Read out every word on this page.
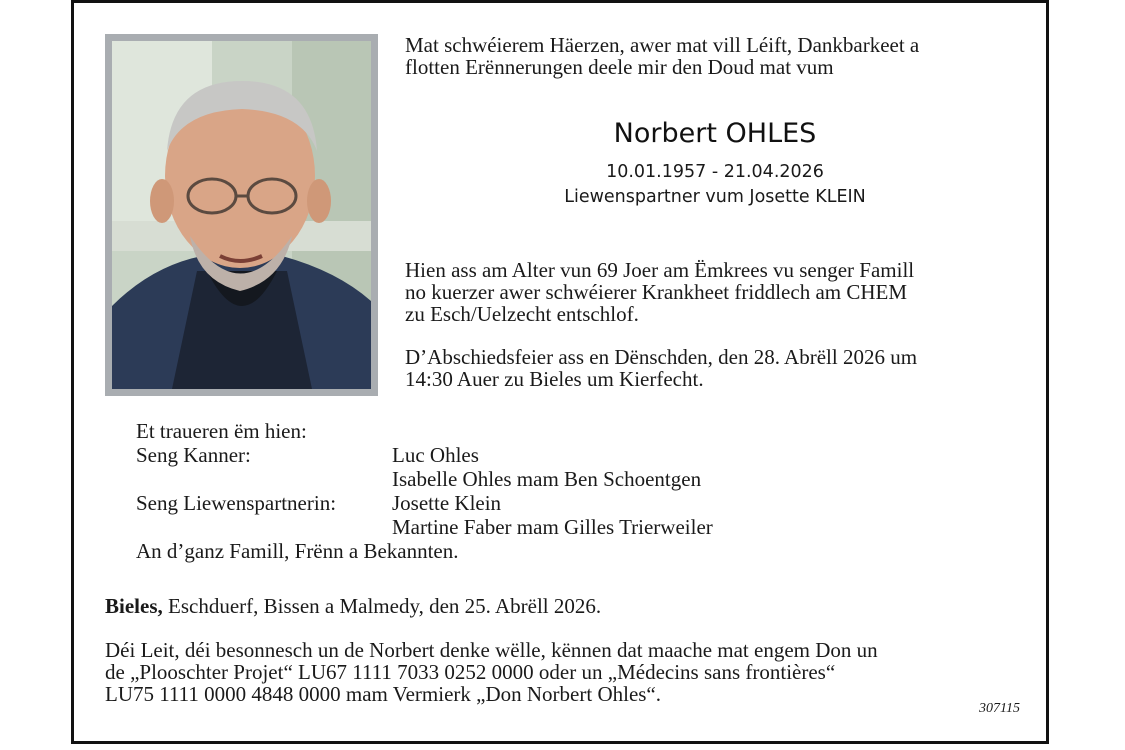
Mat schwéierem Häerzen, awer mat vill Léift, Dankbarkeet a
flotten Erënnerungen deele mir den Doud mat vum
Norbert OHLES
10.01.1957 - 21.04.2026
Liewenspartner vum Josette KLEIN
Hien ass am Alter vun 69 Joer am Ëmkrees vu senger Famill
no kuerzer awer schwéierer Krankheet friddlech am CHEM
zu Esch/Uelzecht entschlof.
D’Abschiedsfeier ass en Dënschden, den 28. Abrëll 2026 um
14:30 Auer zu Bieles um Kierfecht.
Et traueren ëm hien:
Seng Kanner:	Luc Ohles
Isabelle Ohles mam Ben Schoentgen
Seng Liewenspartnerin:	Josette Klein
Martine Faber mam Gilles Trierweiler
An d’ganz Famill, Frënn a Bekannten.
Bieles, Eschduerf, Bissen a Malmedy, den 25. Abrëll 2026.
Déi Leit, déi besonnesch un de Norbert denke wëlle, kënnen dat maache mat engem Don un
de „Plooschter Projet“ LU67 1111 7033 0252 0000 oder un „Médecins sans frontières“
LU75 1111 0000 4848 0000 mam Vermierk „Don Norbert Ohles“.
307115
